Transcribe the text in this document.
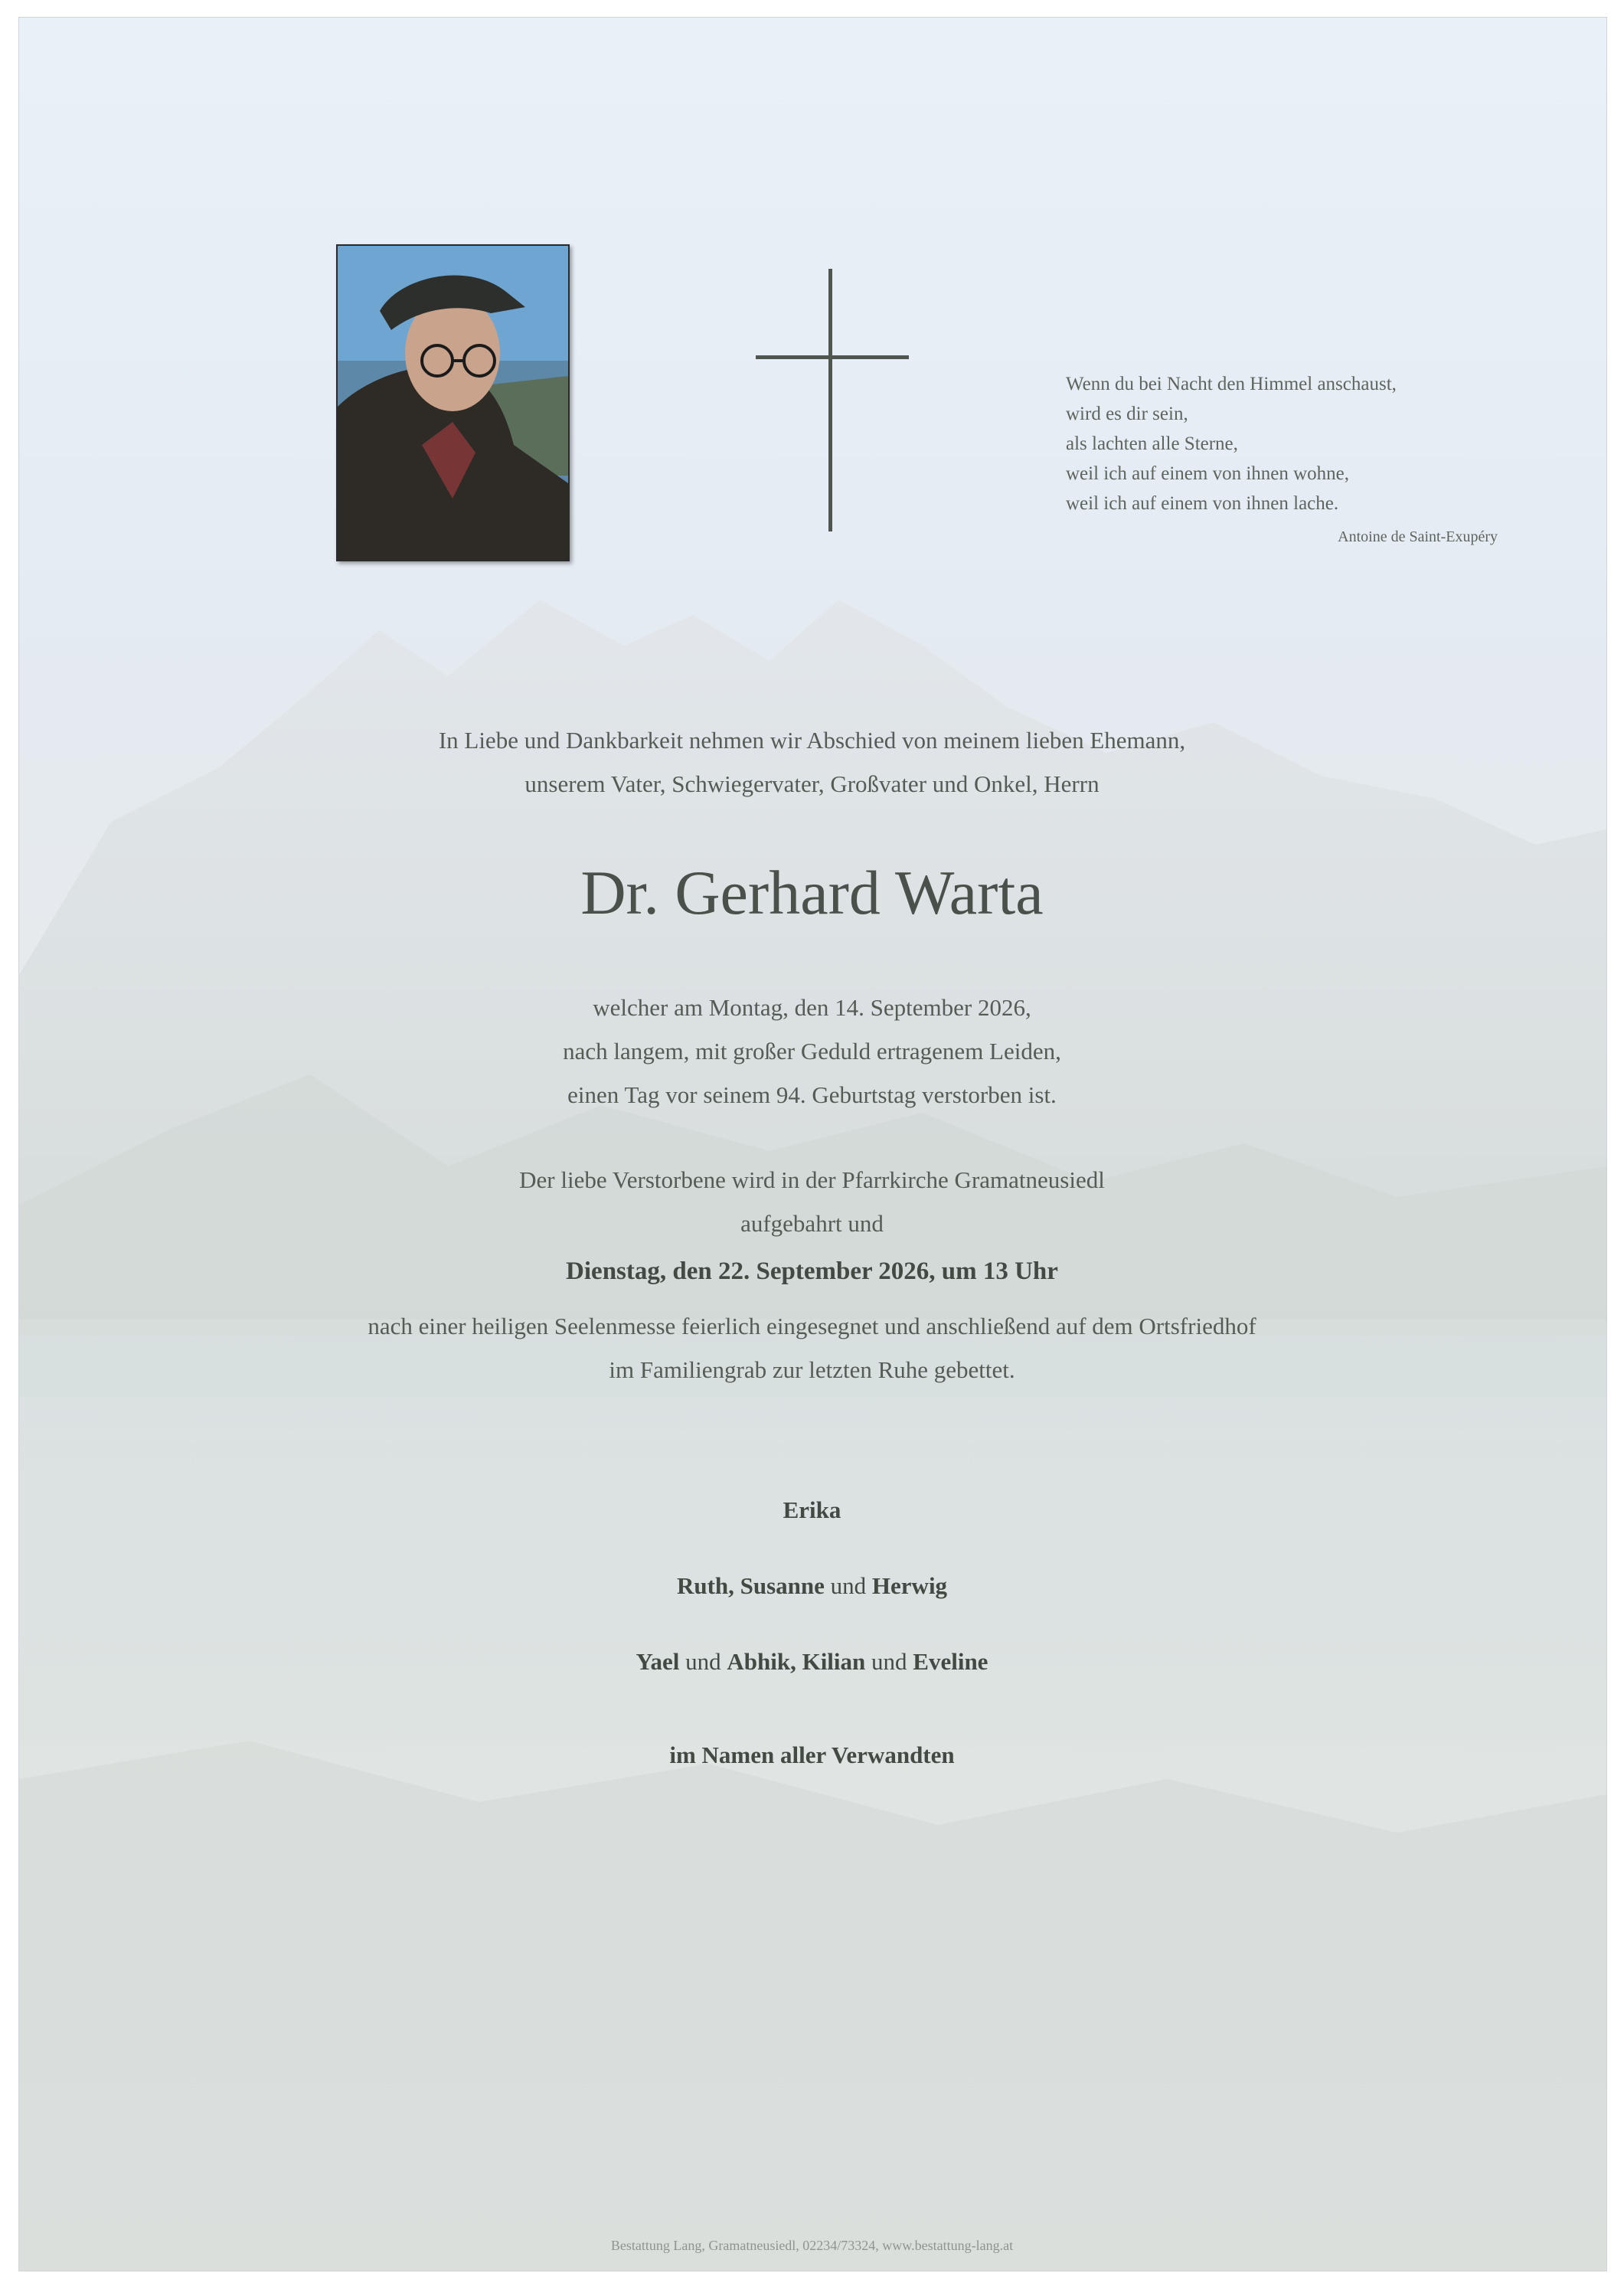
Wenn du bei Nacht den Himmel anschaust,
wird es dir sein,
als lachten alle Sterne,
weil ich auf einem von ihnen wohne,
weil ich auf einem von ihnen lache.
Antoine de Saint-Exupéry
In Liebe und Dankbarkeit nehmen wir Abschied von meinem lieben Ehemann,
unserem Vater, Schwiegervater, Großvater und Onkel, Herrn
Dr. Gerhard Warta
welcher am Montag, den 14. September 2026,
nach langem, mit großer Geduld ertragenem Leiden,
einen Tag vor seinem 94. Geburtstag verstorben ist.
Der liebe Verstorbene wird in der Pfarrkirche Gramatneusiedl
aufgebahrt und
Dienstag, den 22. September 2026, um 13 Uhr
nach einer heiligen Seelenmesse feierlich eingesegnet und anschließend auf dem Ortsfriedhof
im Familiengrab zur letzten Ruhe gebettet.
Erika
Ruth, Susanne und Herwig
Yael und Abhik, Kilian und Eveline
im Namen aller Verwandten
Bestattung Lang, Gramatneusiedl, 02234/73324, www.bestattung-lang.at
